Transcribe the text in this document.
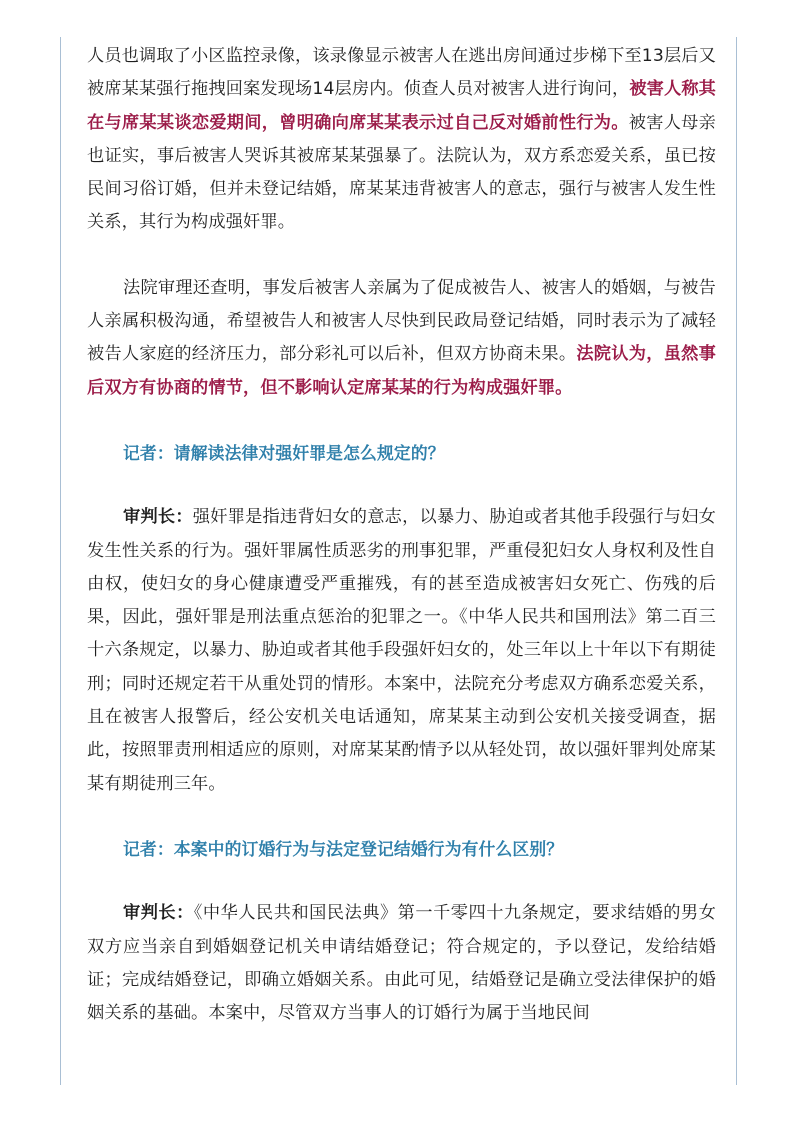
人员也调取了小区监控录像，该录像显示被害人在逃出房间通过步梯下至13层后又被席某某强行拖拽回案发现场14层房内。侦查人员对被害人进行询问，被害人称其在与席某某谈恋爱期间，曾明确向席某某表示过自己反对婚前性行为。被害人母亲也证实，事后被害人哭诉其被席某某强暴了。法院认为，双方系恋爱关系，虽已按民间习俗订婚，但并未登记结婚，席某某违背被害人的意志，强行与被害人发生性关系，其行为构成强奸罪。

法院审理还查明，事发后被害人亲属为了促成被告人、被害人的婚姻，与被告人亲属积极沟通，希望被告人和被害人尽快到民政局登记结婚，同时表示为了减轻被告人家庭的经济压力，部分彩礼可以后补，但双方协商未果。法院认为，虽然事后双方有协商的情节，但不影响认定席某某的行为构成强奸罪。

记者：请解读法律对强奸罪是怎么规定的？

审判长：强奸罪是指违背妇女的意志，以暴力、胁迫或者其他手段强行与妇女发生性关系的行为。强奸罪属性质恶劣的刑事犯罪，严重侵犯妇女人身权利及性自由权，使妇女的身心健康遭受严重摧残，有的甚至造成被害妇女死亡、伤残的后果，因此，强奸罪是刑法重点惩治的犯罪之一。《中华人民共和国刑法》第二百三十六条规定，以暴力、胁迫或者其他手段强奸妇女的，处三年以上十年以下有期徒刑；同时还规定若干从重处罚的情形。本案中，法院充分考虑双方确系恋爱关系，且在被害人报警后，经公安机关电话通知，席某某主动到公安机关接受调查，据此，按照罪责刑相适应的原则，对席某某酌情予以从轻处罚，故以强奸罪判处席某某有期徒刑三年。

记者：本案中的订婚行为与法定登记结婚行为有什么区别？

审判长：《中华人民共和国民法典》第一千零四十九条规定，要求结婚的男女双方应当亲自到婚姻登记机关申请结婚登记；符合规定的，予以登记，发给结婚证；完成结婚登记，即确立婚姻关系。由此可见，结婚登记是确立受法律保护的婚姻关系的基础。本案中，尽管双方当事人的订婚行为属于当地民间
